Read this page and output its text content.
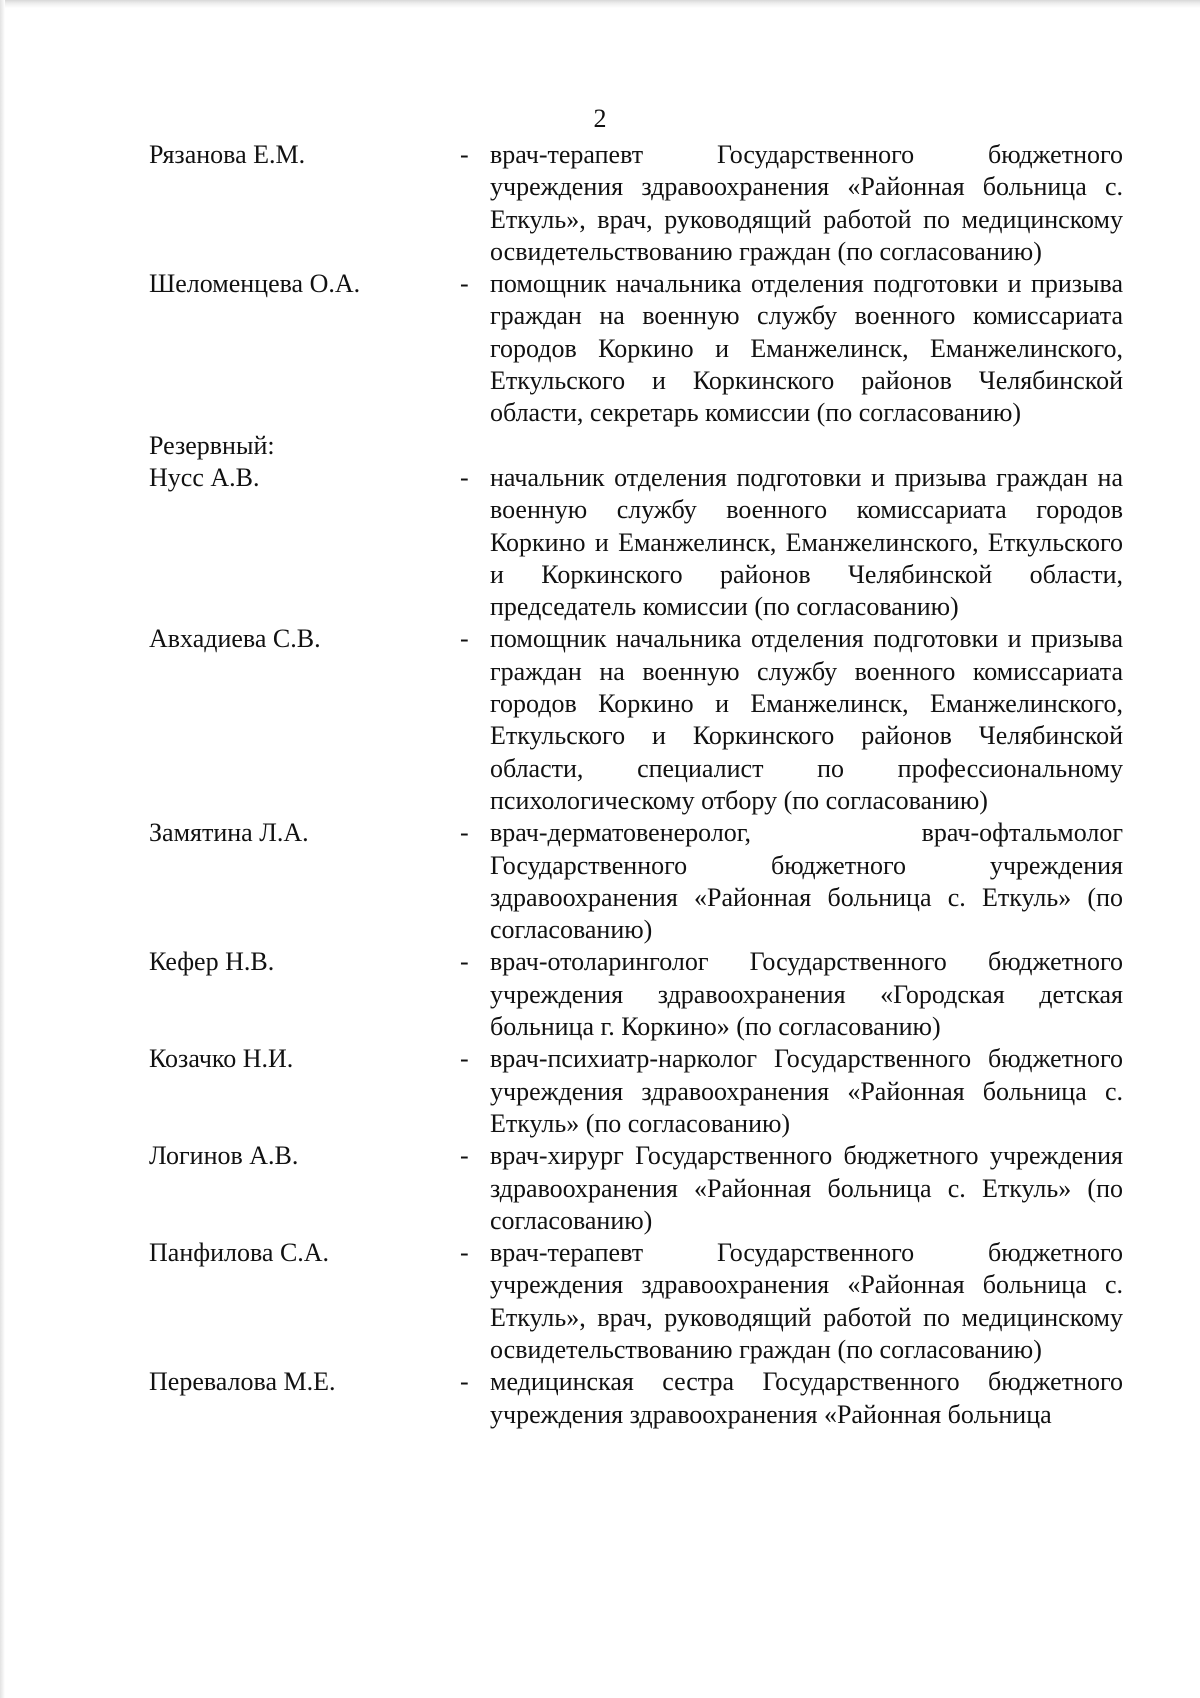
2
Рязанова Е.М.	- врач-терапевт Государственного бюджетного учреждения здравоохранения «Районная больница с. Еткуль», врач, руководящий работой по медицинскому освидетельствованию граждан (по согласованию)
Шеломенцева О.А.	- помощник начальника отделения подготовки и призыва граждан на военную службу военного комиссариата городов Коркино и Еманжелинск, Еманжелинского, Еткульского и Коркинского районов Челябинской области, секретарь комиссии (по согласованию)
Резервный:
Нусс А.В.	- начальник отделения подготовки и призыва граждан на военную службу военного комиссариата городов Коркино и Еманжелинск, Еманжелинского, Еткульского и Коркинского районов Челябинской области, председатель комиссии (по согласованию)
Авхадиева С.В.	- помощник начальника отделения подготовки и призыва граждан на военную службу военного комиссариата городов Коркино и Еманжелинск, Еманжелинского, Еткульского и Коркинского районов Челябинской области, специалист по профессиональному психологическому отбору (по согласованию)
Замятина Л.А.	- врач-дерматовенеролог, врач-офтальмолог Государственного бюджетного учреждения здравоохранения «Районная больница с. Еткуль» (по согласованию)
Кефер Н.В.	- врач-отоларинголог Государственного бюджетного учреждения здравоохранения «Городская детская больница г. Коркино» (по согласованию)
Козачко Н.И.	- врач-психиатр-нарколог Государственного бюджетного учреждения здравоохранения «Районная больница с. Еткуль» (по согласованию)
Логинов А.В.	- врач-хирург Государственного бюджетного учреждения здравоохранения «Районная больница с. Еткуль» (по согласованию)
Панфилова С.А.	- врач-терапевт Государственного бюджетного учреждения здравоохранения «Районная больница с. Еткуль», врач, руководящий работой по медицинскому освидетельствованию граждан (по согласованию)
Перевалова М.Е.	- медицинская сестра Государственного бюджетного учреждения здравоохранения «Районная больница
